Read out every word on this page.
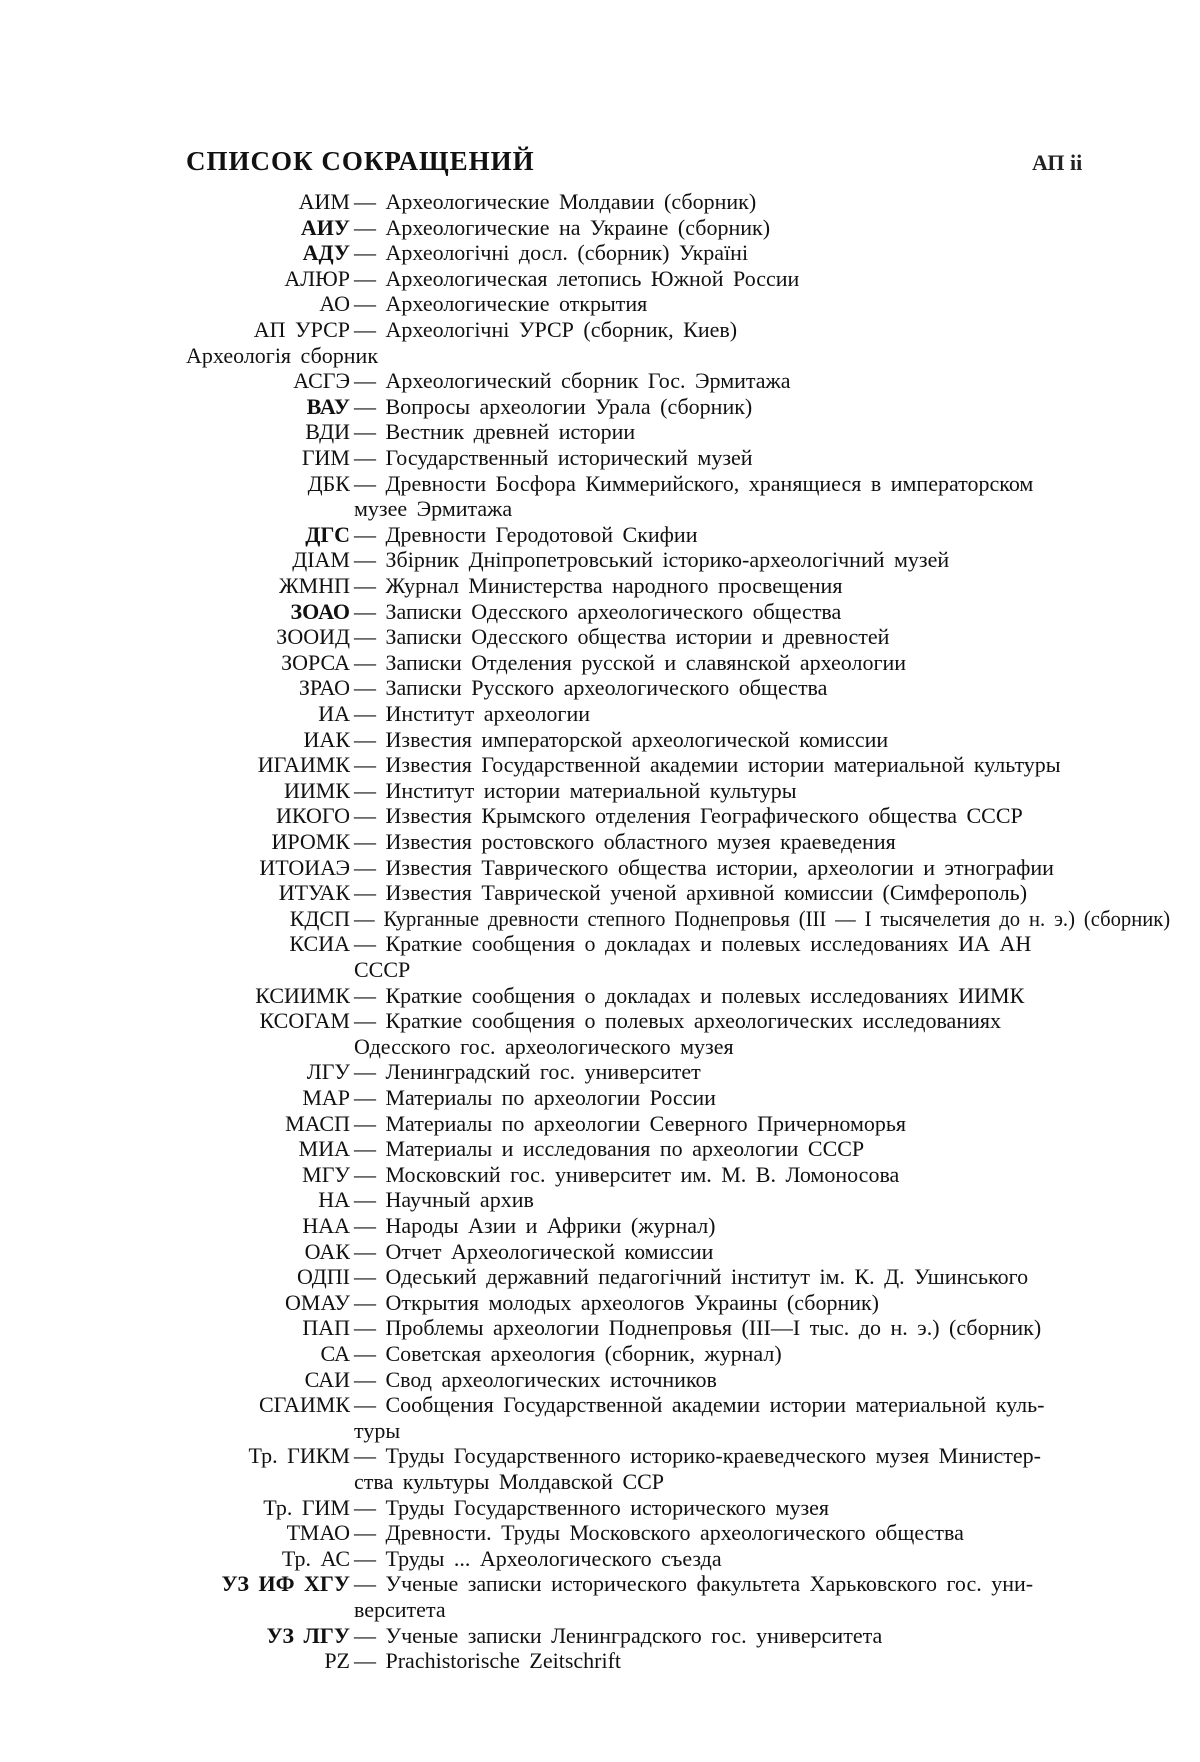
СПИСОК СОКРАЩЕНИЙ	АП іі
АИМ — Археологические Молдавии (сборник)
АИУ — Археологические на Украине (сборник)
АДУ — Археологічні досл. (сборник) Україні
АЛЮР — Археологическая летопись Южной России
АО — Археологические открытия
АП УРСР — Археологічні УРСР (сборник, Киев)
Археологія сборник
АСГЭ — Археологический сборник Гос. Эрмитажа
ВАУ — Вопросы археологии Урала (сборник)
ВДИ — Вестник древней истории
ГИМ — Государственный исторический музей
ДБК — Древности Босфора Киммерийского, хранящиеся в императорском
музее Эрмитажа
ДГС — Древности Геродотовой Скифии
ДІАМ — Збірник Дніпропетровський історико-археологічний музей
ЖМНП — Журнал Министерства народного просвещения
ЗОАО — Записки Одесского археологического общества
ЗООИД — Записки Одесского общества истории и древностей
ЗОРСА — Записки Отделения русской и славянской археологии
ЗРАО — Записки Русского археологического общества
ИА — Институт археологии
ИАК — Известия императорской археологической комиссии
ИГАИМК — Известия Государственной академии истории материальной культуры
ИИМК — Институт истории материальной культуры
ИКОГО — Известия Крымского отделения Географического общества СССР
ИРОМК — Известия ростовского областного музея краеведения
ИТОИАЭ — Известия Таврического общества истории, археологии и этнографии
ИТУАК — Известия Таврической ученой архивной комиссии (Симферополь)
КДСП — Курганные древности степного Поднепровья (III — I тысячелетия до н. э.) (сборник)
КСИА — Краткие сообщения о докладах и полевых исследованиях ИА АН
СССР
КСИИМК — Краткие сообщения о докладах и полевых исследованиях ИИМК
КСОГАМ — Краткие сообщения о полевых археологических исследованиях
Одесского гос. археологического музея
ЛГУ — Ленинградский гос. университет
МАР — Материалы по археологии России
МАСП — Материалы по археологии Северного Причерноморья
МИА — Материалы и исследования по археологии СССР
МГУ — Московский гос. университет им. М. В. Ломоносова
НА — Научный архив
НАА — Народы Азии и Африки (журнал)
ОАК — Отчет Археологической комиссии
ОДПІ — Одеський державний педагогічний інститут ім. К. Д. Ушинського
ОМАУ — Открытия молодых археологов Украины (сборник)
ПАП — Проблемы археологии Поднепровья (III—I тыс. до н. э.) (сборник)
СА — Советская археология (сборник, журнал)
САИ — Свод археологических источников
СГАИМК — Сообщения Государственной академии истории материальной куль-
туры
Тр. ГИКМ — Труды Государственного историко-краеведческого музея Министер-
ства культуры Молдавской ССР
Тр. ГИМ — Труды Государственного исторического музея
ТМАО — Древности. Труды Московского археологического общества
Тр. АС — Труды ... Археологического съезда
УЗ ИФ ХГУ — Ученые записки исторического факультета Харьковского гос. уни-
верситета
УЗ ЛГУ — Ученые записки Ленинградского гос. университета
PZ — Prachistorische Zeitschrift
